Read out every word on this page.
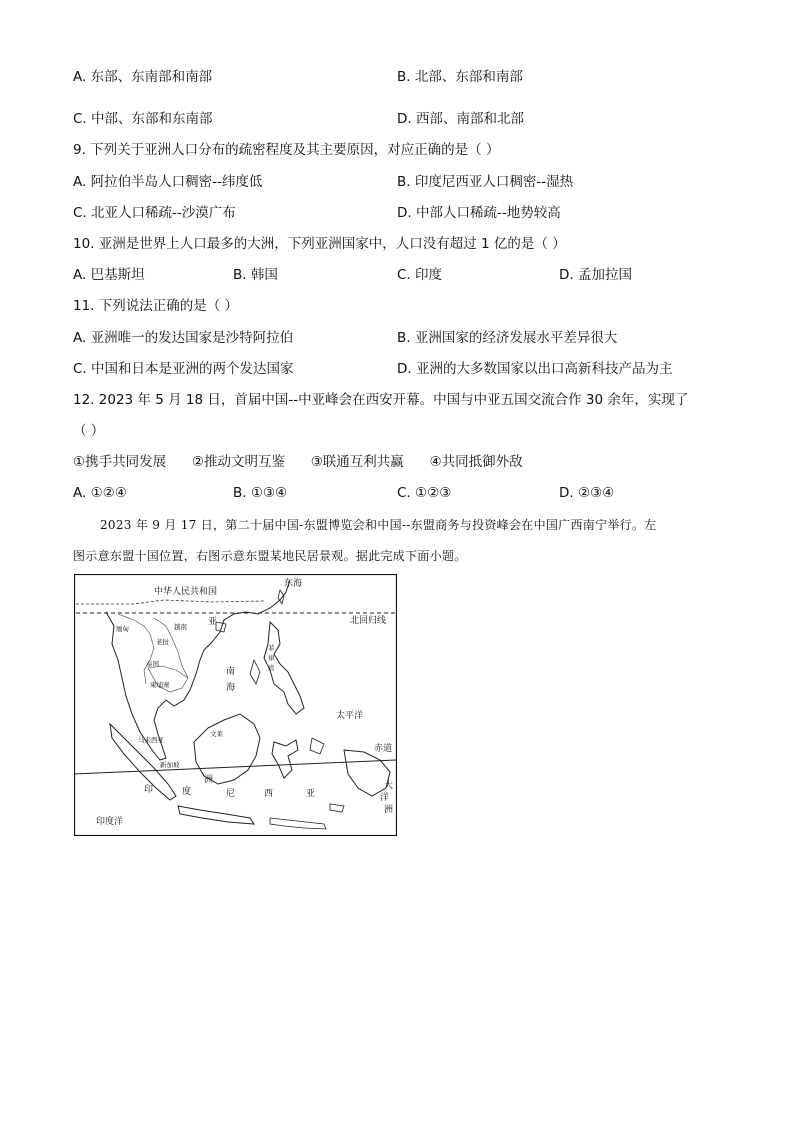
A. 东部、东南部和南部	B. 北部、东部和南部
C. 中部、东部和东南部	D. 西部、南部和北部
9. 下列关于亚洲人口分布的疏密程度及其主要原因，对应正确的是（ ）
A. 阿拉伯半岛人口稠密--纬度低	B. 印度尼西亚人口稠密--湿热
C. 北亚人口稀疏--沙漠广布	D. 中部人口稀疏--地势较高
10. 亚洲是世界上人口最多的大洲，下列亚洲国家中，人口没有超过 1 亿的是（ ）
A. 巴基斯坦	B. 韩国	C. 印度	D. 孟加拉国
11. 下列说法正确的是（ ）
A. 亚洲唯一的发达国家是沙特阿拉伯	B. 亚洲国家的经济发展水平差异很大
C. 中国和日本是亚洲的两个发达国家	D. 亚洲的大多数国家以出口高新科技产品为主
12. 2023 年 5 月 18 日，首届中国--中亚峰会在西安开幕。中国与中亚五国交流合作 30 余年，实现了
（ ）
①携手共同发展      ②推动文明互鉴      ③联通互利共赢      ④共同抵御外敌
A. ①②④	B. ①③④	C. ①②③	D. ②③④
2023 年 9 月 17 日，第二十届中国-东盟博览会和中国--东盟商务与投资峰会在中国广西南宁举行。左
图示意东盟十国位置，右图示意东盟某地民居景观。据此完成下面小题。
中华人民共和国
东海
北回归线
缅甸	越南 亚
老挝
泰国
柬埔寨
南
海
菲
律
宾
太平洋
文莱
马来西亚
新加坡
赤道
印	度
洲
尼	西	亚
大
洋
洲
印度洋
